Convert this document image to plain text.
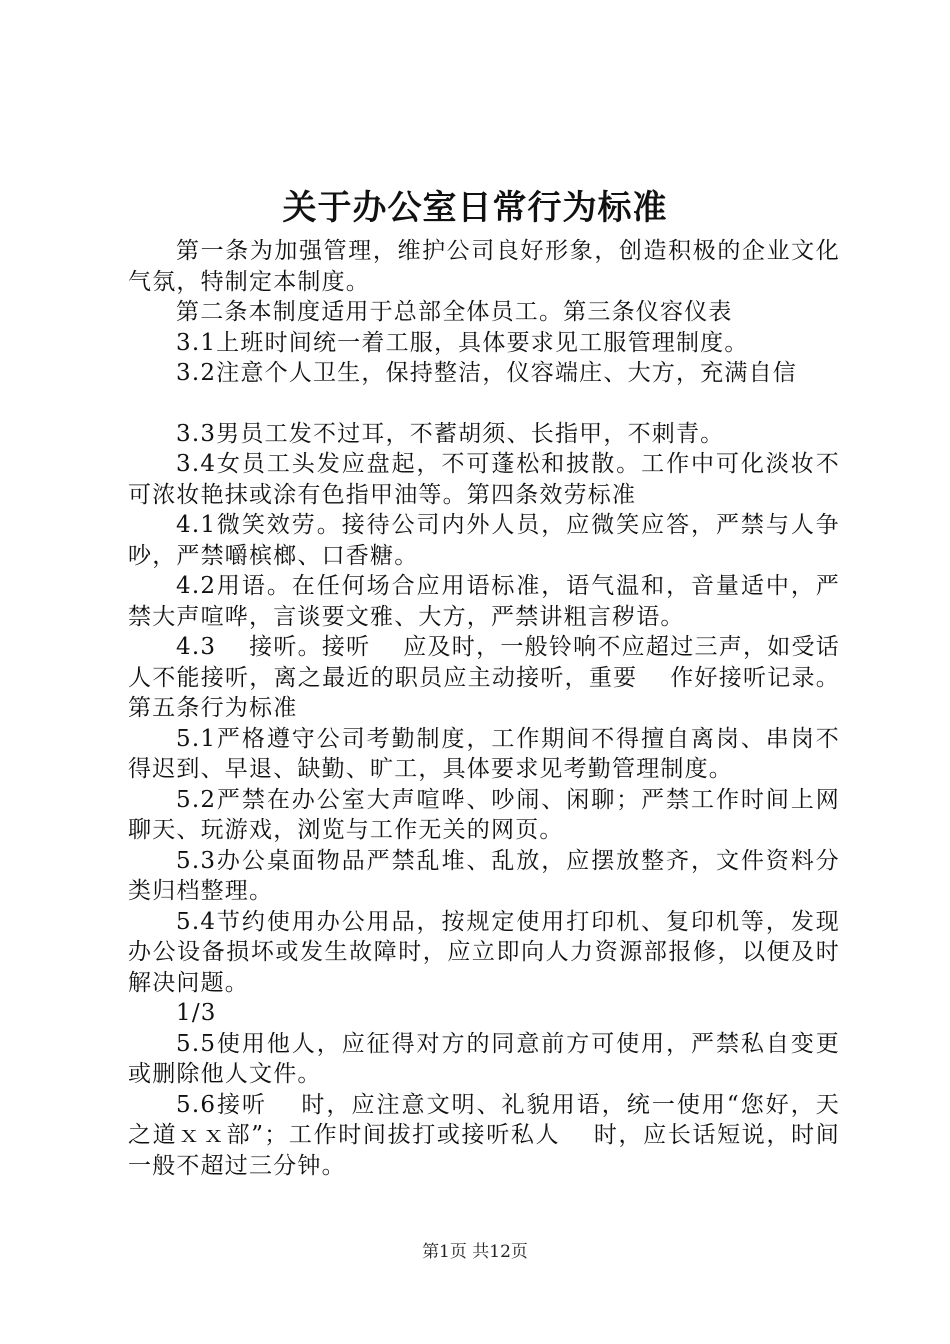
关于办公室日常行为标准

第一条为加强管理，维护公司良好形象，创造积极的企业文化气氛，特制定本制度。

第二条本制度适用于总部全体员工。第三条仪容仪表

3.1上班时间统一着工服，具体要求见工服管理制度。

3.2注意个人卫生，保持整洁，仪容端庄、大方，充满自信

3.3男员工发不过耳，不蓄胡须、长指甲，不刺青。

3.4女员工头发应盘起，不可蓬松和披散。工作中可化淡妆不可浓妆艳抹或涂有色指甲油等。第四条效劳标准

4.1微笑效劳。接待公司内外人员，应微笑应答，严禁与人争吵，严禁嚼槟榔、口香糖。

4.2用语。在任何场合应用语标准，语气温和，音量适中，严禁大声喧哗，言谈要文雅、大方，严禁讲粗言秽语。

4.3　 接听。接听　 应及时，一般铃响不应超过三声，如受话人不能接听，离之最近的职员应主动接听，重要　 作好接听记录。第五条行为标准

5.1严格遵守公司考勤制度，工作期间不得擅自离岗、串岗不得迟到、早退、缺勤、旷工，具体要求见考勤管理制度。

5.2严禁在办公室大声喧哗、吵闹、闲聊；严禁工作时间上网聊天、玩游戏，浏览与工作无关的网页。

5.3办公桌面物品严禁乱堆、乱放，应摆放整齐，文件资料分类归档整理。

5.4节约使用办公用品，按规定使用打印机、复印机等，发现办公设备损坏或发生故障时，应立即向人力资源部报修，以便及时解决问题。

1/3

5.5使用他人，应征得对方的同意前方可使用，严禁私自变更或删除他人文件。

5.6接听　 时，应注意文明、礼貌用语，统一使用“您好，天之道ｘｘ部”；工作时间拔打或接听私人　 时，应长话短说，时间一般不超过三分钟。

第1页 共12页
